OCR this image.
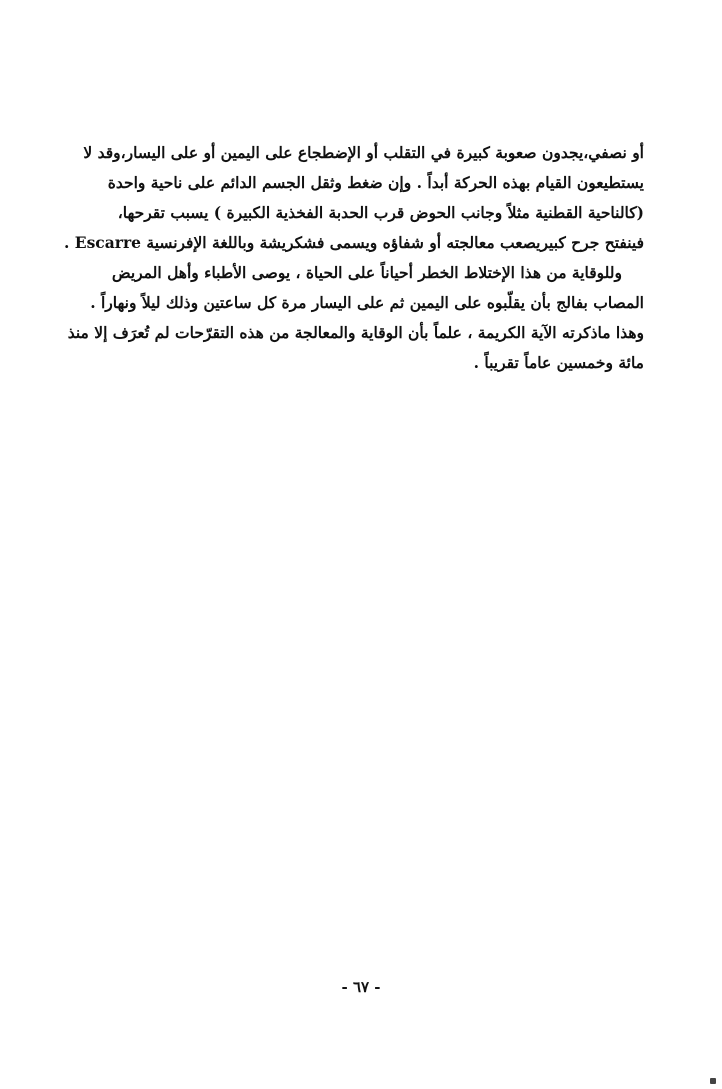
أو نصفي،يجدون صعوبة كبيرة في التقلب أو الإضطجاع على اليمين أو على اليسار،وقد لا
يستطيعون القيام بهذه الحركة أبداً . وإن ضغط وثقل الجسم الدائم على ناحية واحدة
(كالناحية القطنية مثلاً وجانب الحوض قرب الحدبة الفخذية الكبيرة ) يسبب تقرحها،
فينفتح جرح كبيريصعب معالجته أو شفاؤه ويسمى فشكريشة وباللغة الإفرنسية Escarre .
وللوقاية من هذا الإختلاط الخطر أحياناً على الحياة ، يوصى الأطباء وأهل المريض
المصاب بفالج بأن يقلّبوه على اليمين ثم على اليسار مرة كل ساعتين وذلك ليلاً ونهاراً .
وهذا ماذكرته الآية الكريمة ، علماً بأن الوقاية والمعالجة من هذه التقرّحات لم تُعرَف إلا منذ
مائة وخمسين عاماً تقريباً .
- ٦٧ -
